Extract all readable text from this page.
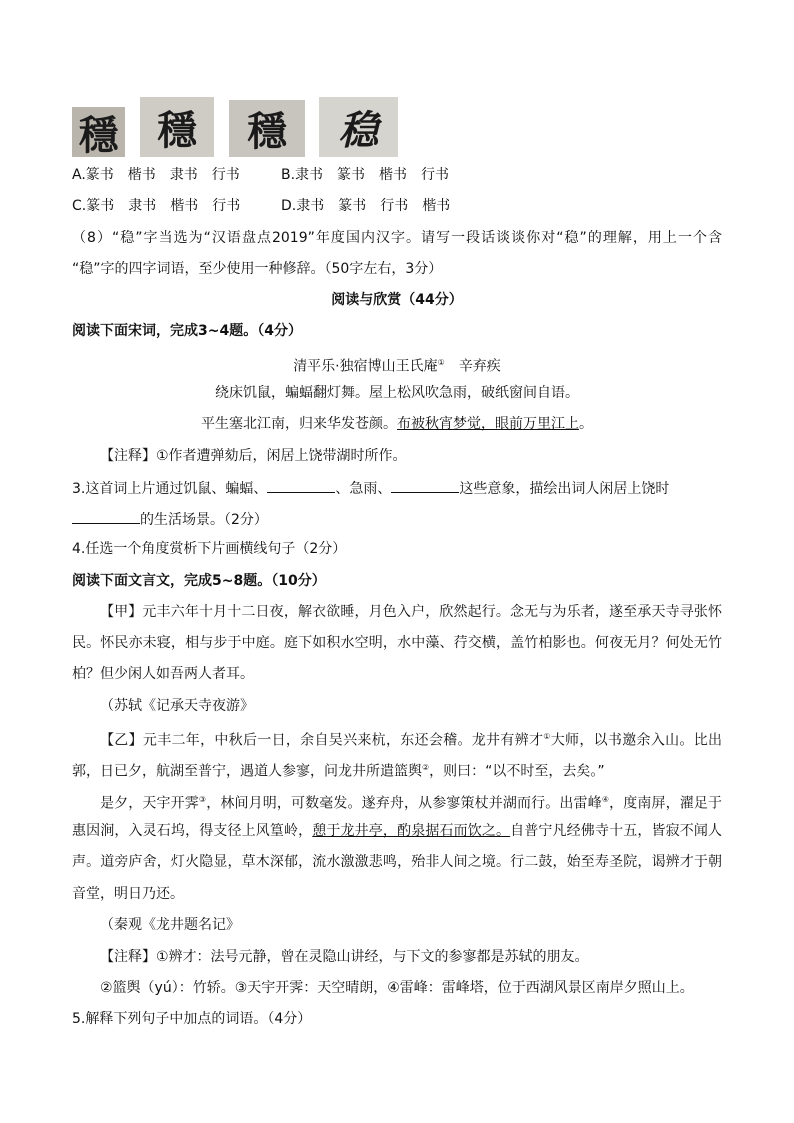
穩 穩	穩	稳
A.篆书　楷书　隶书　行书	B.隶书　篆书　楷书　行书
C.篆书　隶书　楷书　行书	D.隶书　篆书　行书　楷书
（8）“稳”字当选为“汉语盘点2019”年度国内汉字。请写一段话谈谈你对“稳”的理解，用上一个含
“稳”字的四字词语，至少使用一种修辞。（50字左右，3分）
阅读与欣赏（44分）
阅读下面宋词，完成3~4题。（4分）
清平乐·独宿博山王氏庵①　 辛弃疾
绕床饥鼠，蝙蝠翻灯舞。屋上松风吹急雨，破纸窗间自语。
平生塞北江南，归来华发苍颜。布被秋宵梦觉，眼前万里江上。
【注释】①作者遭弹劾后，闲居上饶带湖时所作。
3.这首词上片通过饥鼠、蝙蝠、	、急雨、	这些意象，描绘出词人闲居上饶时
的生活场景。（2分）
4.任选一个角度赏析下片画横线句子（2分）
阅读下面文言文，完成5~8题。（10分）
【甲】元丰六年十月十二日夜，解衣欲睡，月色入户，欣然起行。念无与为乐者，遂至承天寺寻张怀
民。怀民亦未寝，相与步于中庭。庭下如积水空明，水中藻、荇交横，盖竹柏影也。何夜无月？何处无竹
柏？但少闲人如吾两人者耳。
（苏轼《记承天寺夜游》
【乙】元丰二年，中秋后一日，余自吴兴来杭，东还会稽。龙井有辨才①大师，以书邀余入山。比出
郭，日已夕，航湖至普宁，遇道人参寥，问龙井所遣篮舆②，则曰：“以不时至，去矣。”
是夕，天宇开霁③，林间月明，可数毫发。遂弃舟，从参寥策杖并湖而行。出雷峰④，度南屏，濯足于
惠因涧，入灵石坞，得支径上风篁岭，憩于龙井亭，酌泉据石而饮之。自普宁凡经佛寺十五，皆寂不闻人
声。道旁庐舍，灯火隐显，草木深郁，流水激激悲鸣，殆非人间之境。行二鼓，始至寿圣院，谒辨才于朝
音堂，明日乃还。
（秦观《龙井题名记》
【注释】①辨才：法号元静，曾在灵隐山讲经，与下文的参寥都是苏轼的朋友。
②篮舆（yú）：竹轿。③天宇开霁：天空晴朗，④雷峰：雷峰塔，位于西湖风景区南岸夕照山上。
5.解释下列句子中加点的词语。（4分）
